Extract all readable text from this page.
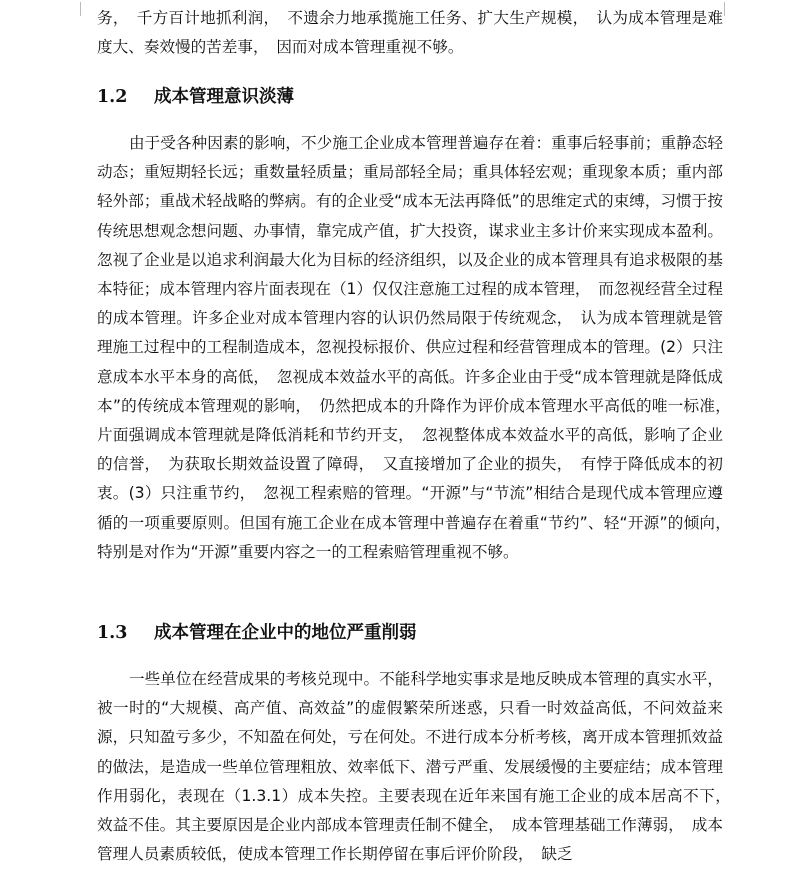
务，　千方百计地抓利润，　不遗余力地承揽施工任务、扩大生产规模，　认为成本管理是难度大、奏效慢的苦差事，　因而对成本管理重视不够。

1.2 成本管理意识淡薄

由于受各种因素的影响，不少施工企业成本管理普遍存在着：重事后轻事前；重静态轻动态；重短期轻长远；重数量轻质量；重局部轻全局；重具体轻宏观；重现象本质；重内部轻外部；重战术轻战略的弊病。有的企业受“成本无法再降低”的思维定式的束缚，习惯于按传统思想观念想问题、办事情，靠完成产值，扩大投资，谋求业主多计价来实现成本盈利。忽视了企业是以追求利润最大化为目标的经济组织，以及企业的成本管理具有追求极限的基本特征；成本管理内容片面表现在（1）仅仅注意施工过程的成本管理，　而忽视经营全过程的成本管理。许多企业对成本管理内容的认识仍然局限于传统观念，　认为成本管理就是管理施工过程中的工程制造成本，忽视投标报价、供应过程和经营管理成本的管理。(2）只注意成本水平本身的高低，　忽视成本效益水平的高低。许多企业由于受“成本管理就是降低成本”的传统成本管理观的影响，　仍然把成本的升降作为评价成本管理水平高低的唯一标准，　片面强调成本管理就是降低消耗和节约开支，　忽视整体成本效益水平的高低，影响了企业的信誉，　为获取长期效益设置了障碍，　又直接增加了企业的损失，　有悖于降低成本的初衷。(3）只注重节约，　忽视工程索赔的管理。“开源”与“节流”相结合是现代成本管理应遵循的一项重要原则。但国有施工企业在成本管理中普遍存在着重“节约”、轻“开源”的倾向，　特别是对作为“开源”重要内容之一的工程索赔管理重视不够。

1.3 成本管理在企业中的地位严重削弱

一些单位在经营成果的考核兑现中。不能科学地实事求是地反映成本管理的真实水平，被一时的“大规模、高产值、高效益”的虚假繁荣所迷惑，只看一时效益高低，不问效益来源，只知盈亏多少，不知盈在何处，亏在何处。不进行成本分析考核，离开成本管理抓效益的做法，是造成一些单位管理粗放、效率低下、潜亏严重、发展缓慢的主要症结；成本管理作用弱化，表现在（1.3.1）成本失控。主要表现在近年来国有施工企业的成本居高不下，　效益不佳。其主要原因是企业内部成本管理责任制不健全，　成本管理基础工作薄弱，　成本管理人员素质较低，使成本管理工作长期停留在事后评价阶段，　缺乏
